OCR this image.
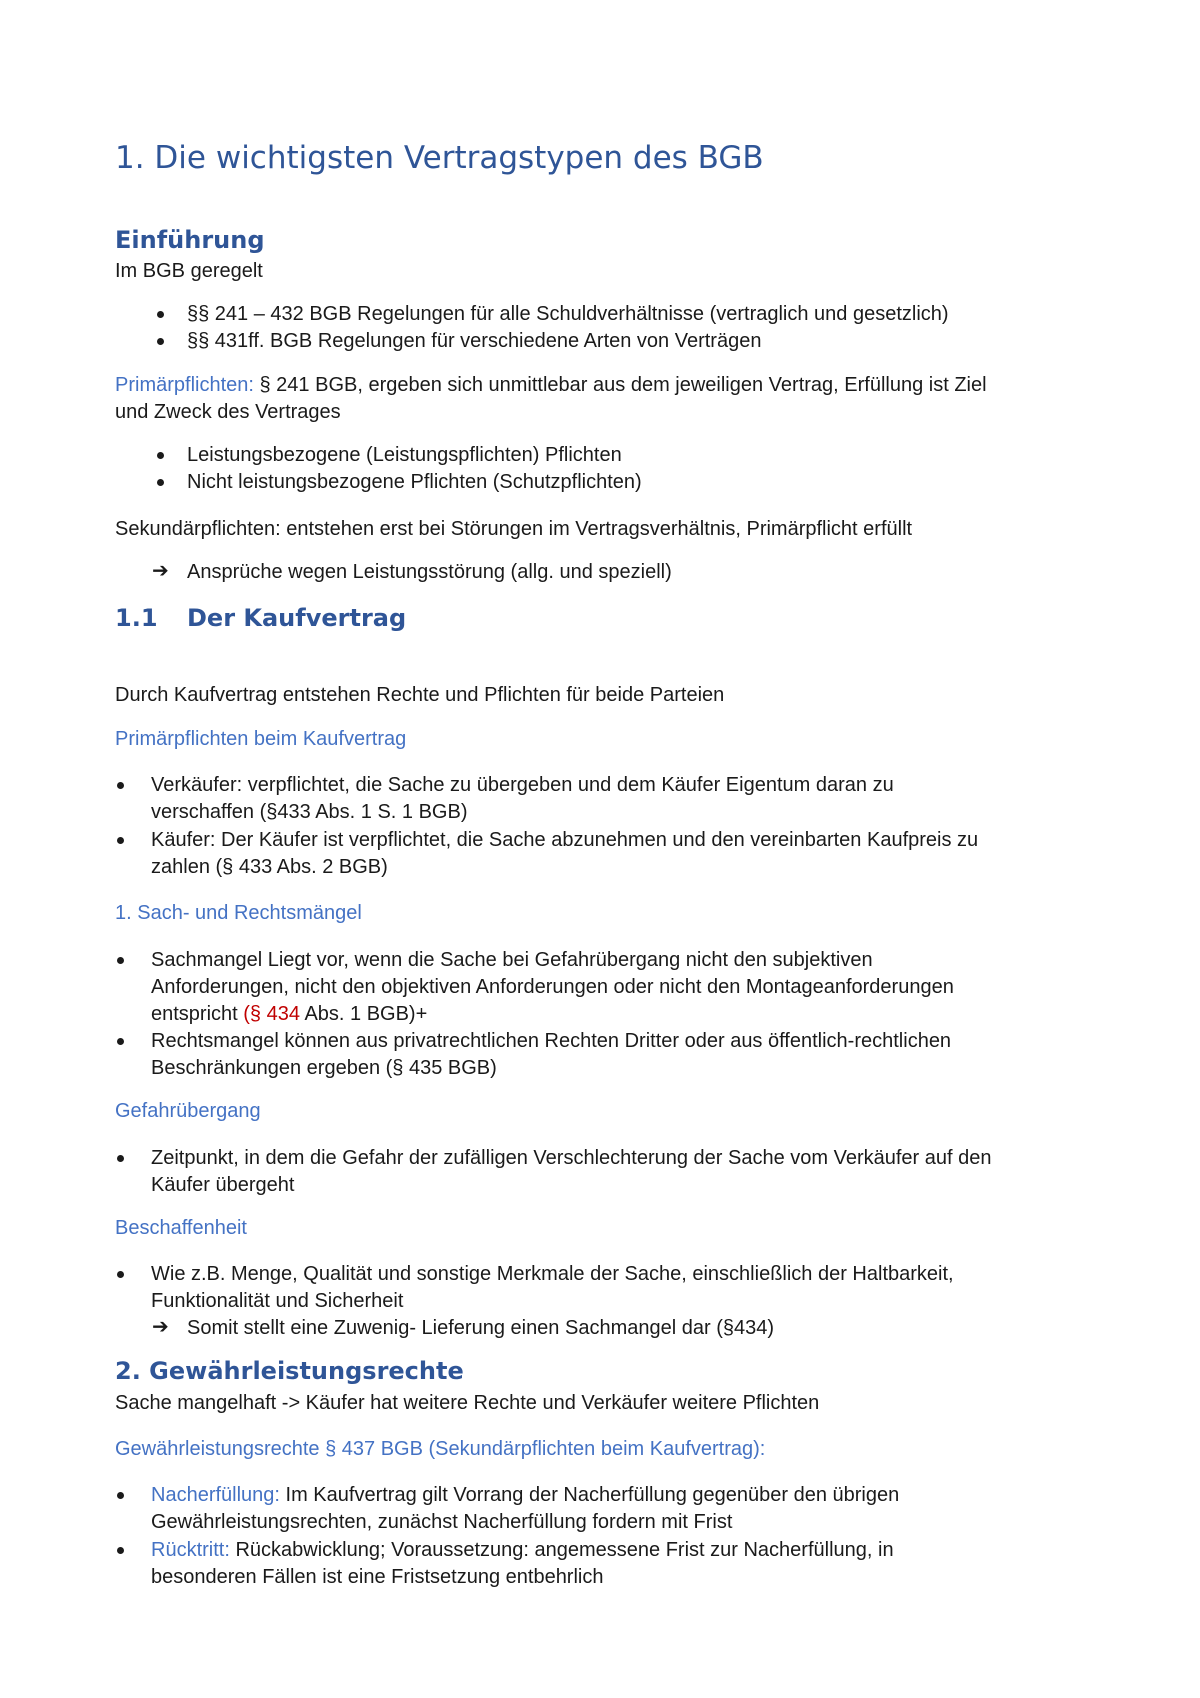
1. Die wichtigsten Vertragstypen des BGB
Einführung
Im BGB geregelt
§§ 241 – 432 BGB Regelungen für alle Schuldverhältnisse (vertraglich und gesetzlich)
§§ 431ff. BGB Regelungen für verschiedene Arten von Verträgen
Primärpflichten: § 241 BGB, ergeben sich unmittlebar aus dem jeweiligen Vertrag, Erfüllung ist Ziel
und Zweck des Vertrages
Leistungsbezogene (Leistungspflichten) Pflichten
Nicht leistungsbezogene Pflichten (Schutzpflichten)
Sekundärpflichten: entstehen erst bei Störungen im Vertragsverhältnis, Primärpflicht erfüllt
➔ Ansprüche wegen Leistungsstörung (allg. und speziell)
1.1 Der Kaufvertrag
Durch Kaufvertrag entstehen Rechte und Pflichten für beide Parteien
Primärpflichten beim Kaufvertrag
Verkäufer: verpflichtet, die Sache zu übergeben und dem Käufer Eigentum daran zu
verschaffen (§433 Abs. 1 S. 1 BGB)
Käufer: Der Käufer ist verpflichtet, die Sache abzunehmen und den vereinbarten Kaufpreis zu
zahlen (§ 433 Abs. 2 BGB)
1. Sach- und Rechtsmängel
Sachmangel Liegt vor, wenn die Sache bei Gefahrübergang nicht den subjektiven
Anforderungen, nicht den objektiven Anforderungen oder nicht den Montageanforderungen
entspricht (§ 434 Abs. 1 BGB)+
Rechtsmangel können aus privatrechtlichen Rechten Dritter oder aus öffentlich-rechtlichen
Beschränkungen ergeben (§ 435 BGB)
Gefahrübergang
Zeitpunkt, in dem die Gefahr der zufälligen Verschlechterung der Sache vom Verkäufer auf den
Käufer übergeht
Beschaffenheit
Wie z.B. Menge, Qualität und sonstige Merkmale der Sache, einschließlich der Haltbarkeit,
Funktionalität und Sicherheit
➔ Somit stellt eine Zuwenig- Lieferung einen Sachmangel dar (§434)
2. Gewährleistungsrechte
Sache mangelhaft -> Käufer hat weitere Rechte und Verkäufer weitere Pflichten
Gewährleistungsrechte § 437 BGB (Sekundärpflichten beim Kaufvertrag):
Nacherfüllung: Im Kaufvertrag gilt Vorrang der Nacherfüllung gegenüber den übrigen
Gewährleistungsrechten, zunächst Nacherfüllung fordern mit Frist
Rücktritt: Rückabwicklung; Voraussetzung: angemessene Frist zur Nacherfüllung, in
besonderen Fällen ist eine Fristsetzung entbehrlich
